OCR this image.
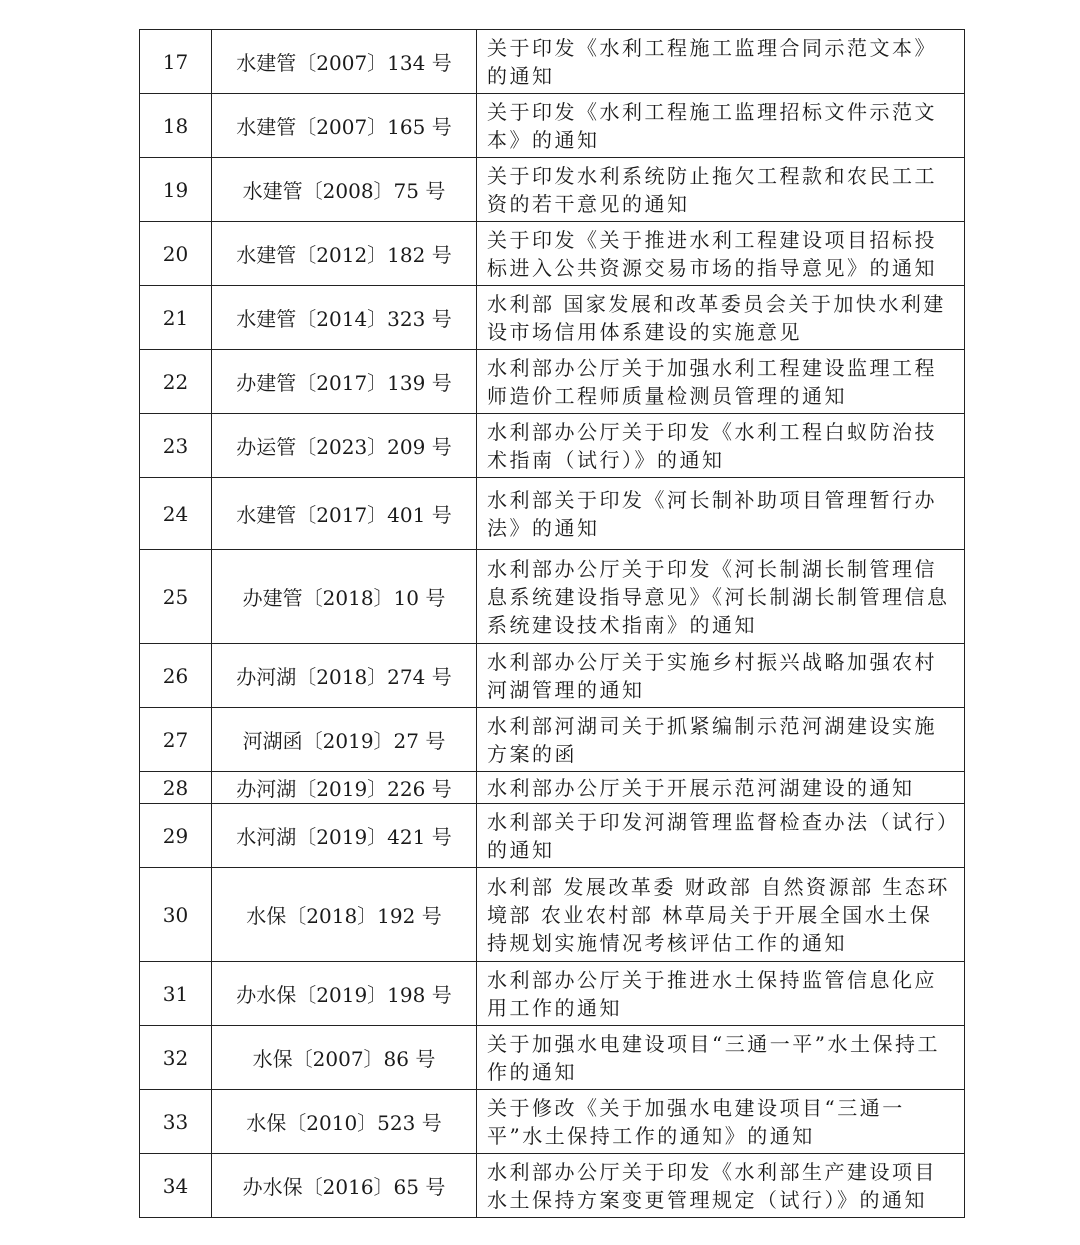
17	水建管〔2007〕134 号	关于印发《水利工程施工监理合同示范文本》的通知
18	水建管〔2007〕165 号	关于印发《水利工程施工监理招标文件示范文本》的通知
19	水建管〔2008〕75 号	关于印发水利系统防止拖欠工程款和农民工工资的若干意见的通知
20	水建管〔2012〕182 号	关于印发《关于推进水利工程建设项目招标投标进入公共资源交易市场的指导意见》的通知
21	水建管〔2014〕323 号	水利部 国家发展和改革委员会关于加快水利建设市场信用体系建设的实施意见
22	办建管〔2017〕139 号	水利部办公厅关于加强水利工程建设监理工程师造价工程师质量检测员管理的通知
23	办运管〔2023〕209 号	水利部办公厅关于印发《水利工程白蚁防治技术指南（试行）》的通知
24	水建管〔2017〕401 号	水利部关于印发《河长制补助项目管理暂行办法》的通知
25	办建管〔2018〕10 号	水利部办公厅关于印发《河长制湖长制管理信息系统建设指导意见》《河长制湖长制管理信息系统建设技术指南》的通知
26	办河湖〔2018〕274 号	水利部办公厅关于实施乡村振兴战略加强农村河湖管理的通知
27	河湖函〔2019〕27 号	水利部河湖司关于抓紧编制示范河湖建设实施方案的函
28	办河湖〔2019〕226 号	水利部办公厅关于开展示范河湖建设的通知
29	水河湖〔2019〕421 号	水利部关于印发河湖管理监督检查办法（试行）的通知
30	水保〔2018〕192 号	水利部 发展改革委 财政部 自然资源部 生态环境部 农业农村部 林草局关于开展全国水土保持规划实施情况考核评估工作的通知
31	办水保〔2019〕198 号	水利部办公厅关于推进水土保持监管信息化应用工作的通知
32	水保〔2007〕86 号	关于加强水电建设项目“三通一平”水土保持工作的通知
33	水保〔2010〕523 号	关于修改《关于加强水电建设项目“三通一平”水土保持工作的通知》的通知
34	办水保〔2016〕65 号	水利部办公厅关于印发《水利部生产建设项目水土保持方案变更管理规定（试行）》的通知
